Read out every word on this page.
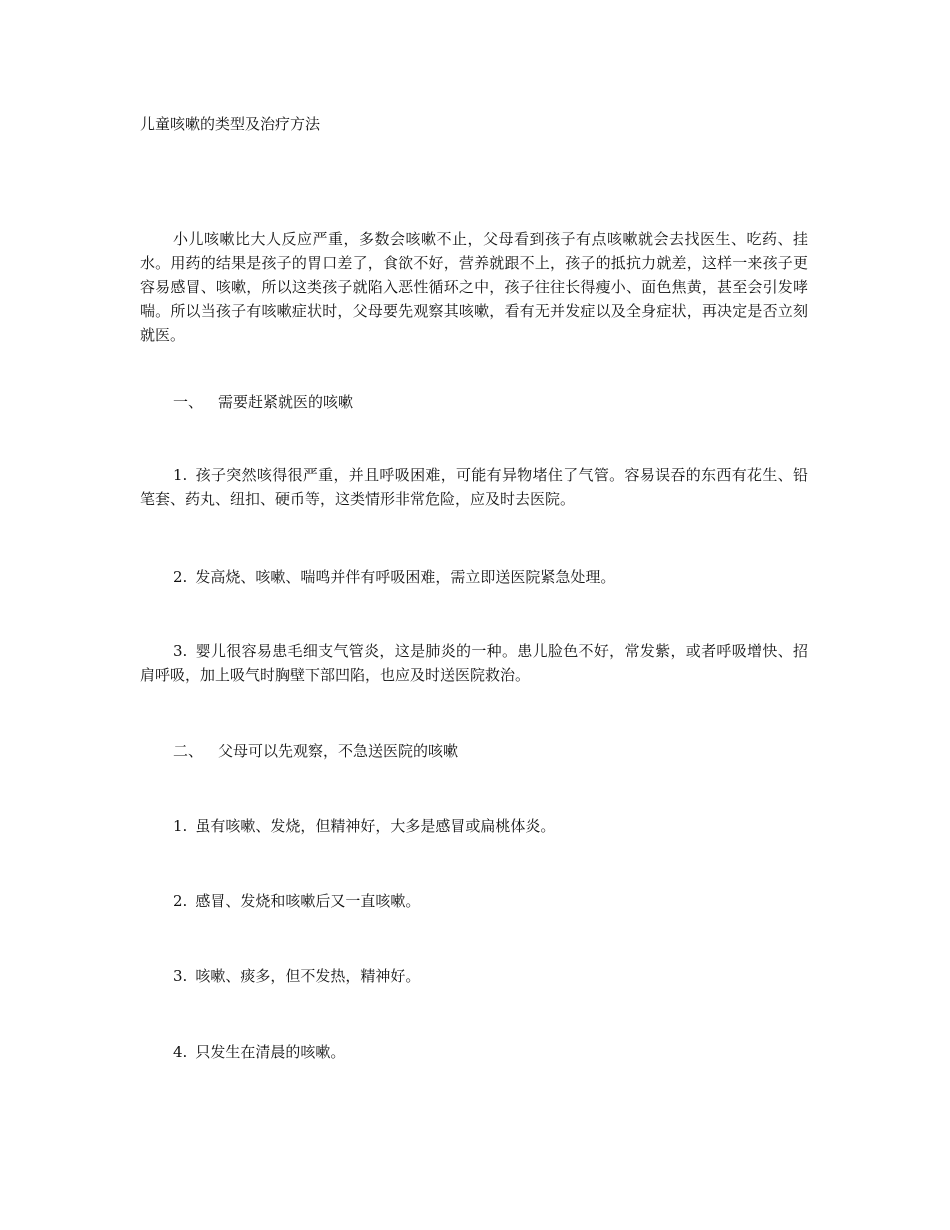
儿童咳嗽的类型及治疗方法

小儿咳嗽比大人反应严重，多数会咳嗽不止，父母看到孩子有点咳嗽就会去找医生、吃药、挂水。用药的结果是孩子的胃口差了，食欲不好，营养就跟不上，孩子的抵抗力就差，这样一来孩子更容易感冒、咳嗽，所以这类孩子就陷入恶性循环之中，孩子往往长得瘦小、面色焦黄，甚至会引发哮喘。所以当孩子有咳嗽症状时，父母要先观察其咳嗽，看有无并发症以及全身症状，再决定是否立刻就医。

一、 需要赶紧就医的咳嗽

1. 孩子突然咳得很严重，并且呼吸困难，可能有异物堵住了气管。容易误吞的东西有花生、铅笔套、药丸、纽扣、硬币等，这类情形非常危险，应及时去医院。

2. 发高烧、咳嗽、喘鸣并伴有呼吸困难，需立即送医院紧急处理。

3. 婴儿很容易患毛细支气管炎，这是肺炎的一种。患儿脸色不好，常发紫，或者呼吸增快、招肩呼吸，加上吸气时胸壁下部凹陷，也应及时送医院救治。

二、 父母可以先观察，不急送医院的咳嗽

1. 虽有咳嗽、发烧，但精神好，大多是感冒或扁桃体炎。

2. 感冒、发烧和咳嗽后又一直咳嗽。

3. 咳嗽、痰多，但不发热，精神好。

4. 只发生在清晨的咳嗽。
